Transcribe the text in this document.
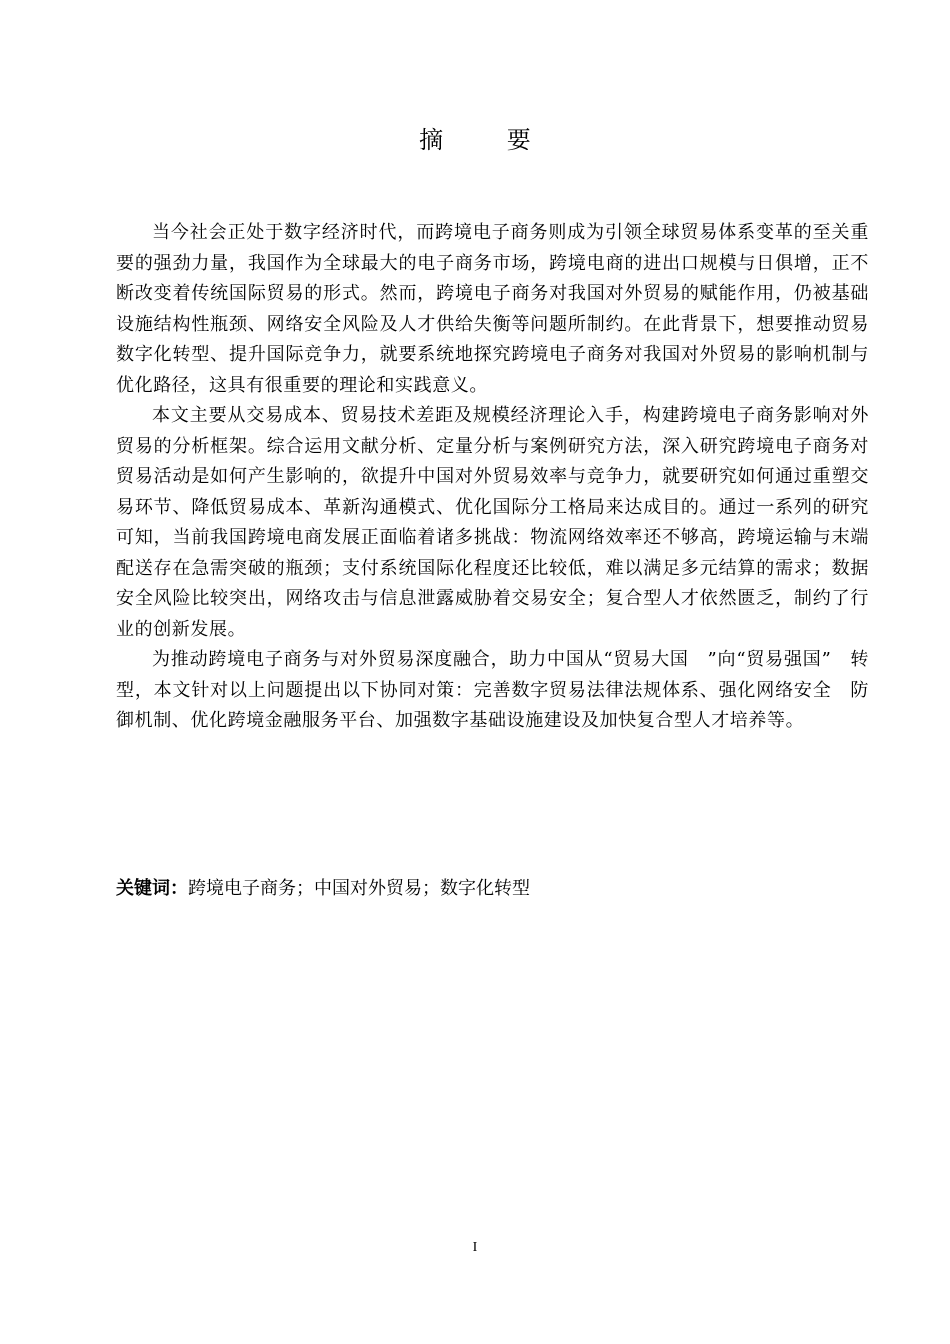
摘 要

当今社会正处于数字经济时代，而跨境电子商务则成为引领全球贸易体系变革的至关重要的强劲力量，我国作为全球最大的电子商务市场，跨境电商的进出口规模与日俱增，正不断改变着传统国际贸易的形式。然而，跨境电子商务对我国对外贸易的赋能作用，仍被基础设施结构性瓶颈、网络安全风险及人才供给失衡等问题所制约。在此背景下，想要推动贸易数字化转型、提升国际竞争力，就要系统地探究跨境电子商务对我国对外贸易的影响机制与优化路径，这具有很重要的理论和实践意义。

本文主要从交易成本、贸易技术差距及规模经济理论入手，构建跨境电子商务影响对外贸易的分析框架。综合运用文献分析、定量分析与案例研究方法，深入研究跨境电子商务对贸易活动是如何产生影响的，欲提升中国对外贸易效率与竞争力，就要研究如何通过重塑交易环节、降低贸易成本、革新沟通模式、优化国际分工格局来达成目的。通过一系列的研究可知，当前我国跨境电商发展正面临着诸多挑战：物流网络效率还不够高，跨境运输与末端配送存在急需突破的瓶颈；支付系统国际化程度还比较低，难以满足多元结算的需求；数据安全风险比较突出，网络攻击与信息泄露威胁着交易安全；复合型人才依然匮乏，制约了行业的创新发展。

为推动跨境电子商务与对外贸易深度融合，助力中国从“贸易大国　”向“贸易强国”　转型，本文针对以上问题提出以下协同对策：完善数字贸易法律法规体系、强化网络安全　防御机制、优化跨境金融服务平台、加强数字基础设施建设及加快复合型人才培养等。

关键词：跨境电子商务；中国对外贸易；数字化转型

I
